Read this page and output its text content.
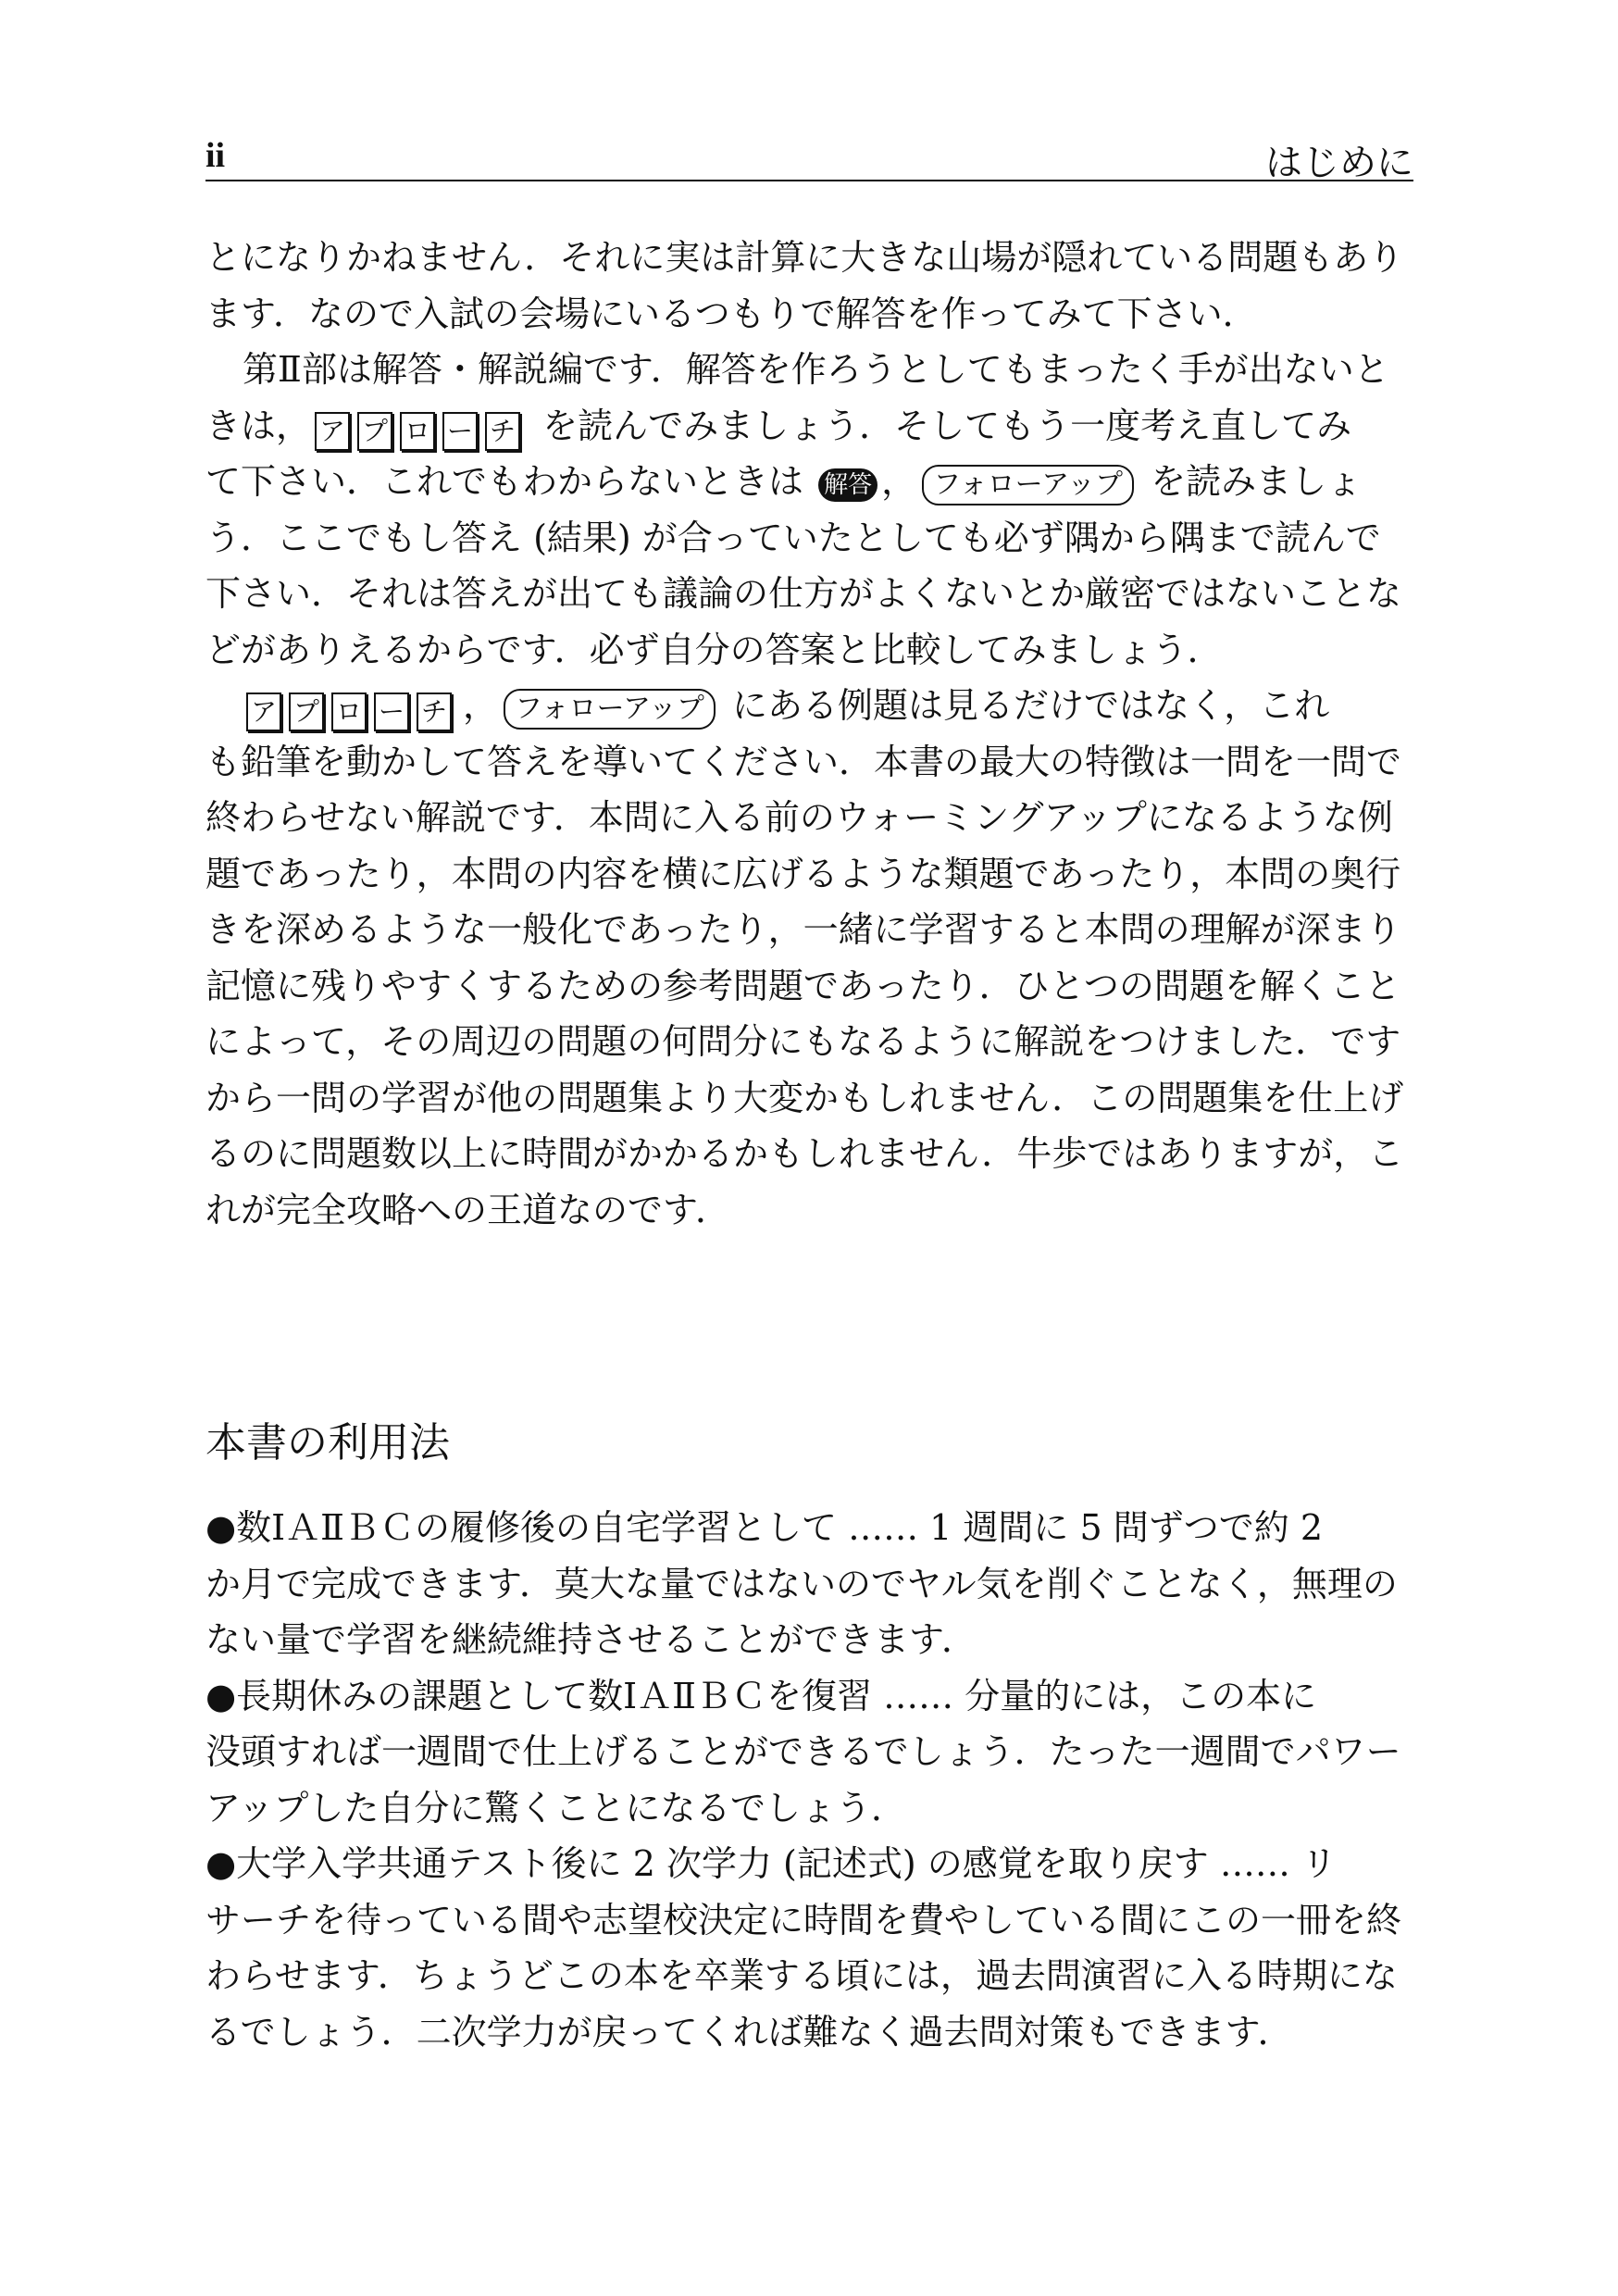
ii	はじめに

とになりかねません．それに実は計算に大きな山場が隠れている問題もあり

ます．なので入試の会場にいるつもりで解答を作ってみて下さい．

第Ⅱ部は解答・解説編です．解答を作ろうとしてもまったく手が出ないと

きは， ア プ ロ ー チ を読んでみましょう．そしてもう一度考え直してみ

て下さい．これでもわからないときは 解答 ， フォローアップ を読みましょ

う．ここでもし答え (結果) が合っていたとしても必ず隅から隅まで読んで

下さい．それは答えが出ても議論の仕方がよくないとか厳密ではないことな

どがありえるからです．必ず自分の答案と比較してみましょう．

ア プ ロ ー チ ， フォローアップ にある例題は見るだけではなく，これ

も鉛筆を動かして答えを導いてください．本書の最大の特徴は一問を一問で

終わらせない解説です．本問に入る前のウォーミングアップになるような例

題であったり，本問の内容を横に広げるような類題であったり，本問の奥行

きを深めるような一般化であったり，一緒に学習すると本問の理解が深まり

記憶に残りやすくするための参考問題であったり．ひとつの問題を解くこと

によって，その周辺の問題の何問分にもなるように解説をつけました．です

から一問の学習が他の問題集より大変かもしれません．この問題集を仕上げ

るのに問題数以上に時間がかかるかもしれません．牛歩ではありますが，こ

れが完全攻略への王道なのです．

本書の利用法

●数ⅠＡⅡＢＣの履修後の自宅学習として …… 1 週間に 5 問ずつで約 2

か月で完成できます．莫大な量ではないのでヤル気を削ぐことなく，無理の

ない量で学習を継続維持させることができます．

●長期休みの課題として数ⅠＡⅡＢＣを復習 …… 分量的には，この本に

没頭すれば一週間で仕上げることができるでしょう．たった一週間でパワー

アップした自分に驚くことになるでしょう．

●大学入学共通テスト後に 2 次学力 (記述式) の感覚を取り戻す …… リ

サーチを待っている間や志望校決定に時間を費やしている間にこの一冊を終

わらせます．ちょうどこの本を卒業する頃には，過去問演習に入る時期にな

るでしょう．二次学力が戻ってくれば難なく過去問対策もできます．
